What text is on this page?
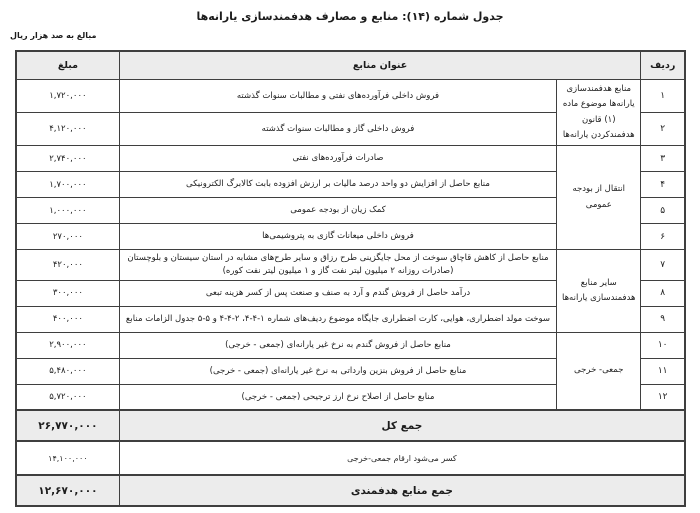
جدول شماره (۱۴): منابع و مصارف هدفمندسازی یارانه‌ها
مبالغ به صد هزار ریال
ردیف	عنوان منابع		مبلغ
۱	منابع هدفمندسازی یارانه‌ها موضوع ماده (۱) قانون هدفمندکردن یارانه‌ها	فروش داخلی فرآورده‌های نفتی و مطالبات سنوات گذشته	۱,۷۲۰,۰۰۰
۲		فروش داخلی گاز و مطالبات سنوات گذشته	۴,۱۲۰,۰۰۰
۳	انتقال از بودجه عمومی	صادرات فرآورده‌های نفتی	۲,۷۴۰,۰۰۰
۴		منابع حاصل از افزایش دو واحد درصد مالیات بر ارزش افزوده بابت کالابرگ الکترونیکی	۱,۷۰۰,۰۰۰
۵		کمک زیان از بودجه عمومی	۱,۰۰۰,۰۰۰
۶		فروش داخلی میعانات گازی به پتروشیمی‌ها	۲۷۰,۰۰۰
۷	سایر منابع هدفمندسازی یارانه‌ها	منابع حاصل از کاهش قاچاق سوخت از محل جایگزینی طرح رزاق و سایر طرح‌های مشابه در استان سیستان و بلوچستان (صادرات روزانه ۲ میلیون لیتر نفت گاز و ۱ میلیون لیتر نفت کوره)	۴۲۰,۰۰۰
۸		درآمد حاصل از فروش گندم و آرد به صنف و صنعت پس از کسر هزینه تبعی	۳۰۰,۰۰۰
۹		سوخت مولد اضطراری، هوایی، کارت اضطراری جایگاه موضوع ردیف‌های شماره ۱-۴-۴، ۲-۴-۴ و ۵-۵ جدول الزامات منابع	۴۰۰,۰۰۰
۱۰	جمعی- خرجی	منابع حاصل از فروش گندم به نرخ غیر یارانه‌ای (جمعی - خرجی)	۲,۹۰۰,۰۰۰
۱۱		منابع حاصل از فروش بنزین وارداتی به نرخ غیر یارانه‌ای (جمعی - خرجی)	۵,۴۸۰,۰۰۰
۱۲		منابع حاصل از اصلاح نرخ ارز ترجیحی (جمعی - خرجی)	۵,۷۲۰,۰۰۰
جمع کل			۲۶,۷۷۰,۰۰۰
کسر می‌شود ارقام جمعی-خرجی			۱۴,۱۰۰,۰۰۰
جمع منابع هدفمندی			۱۲,۶۷۰,۰۰۰
